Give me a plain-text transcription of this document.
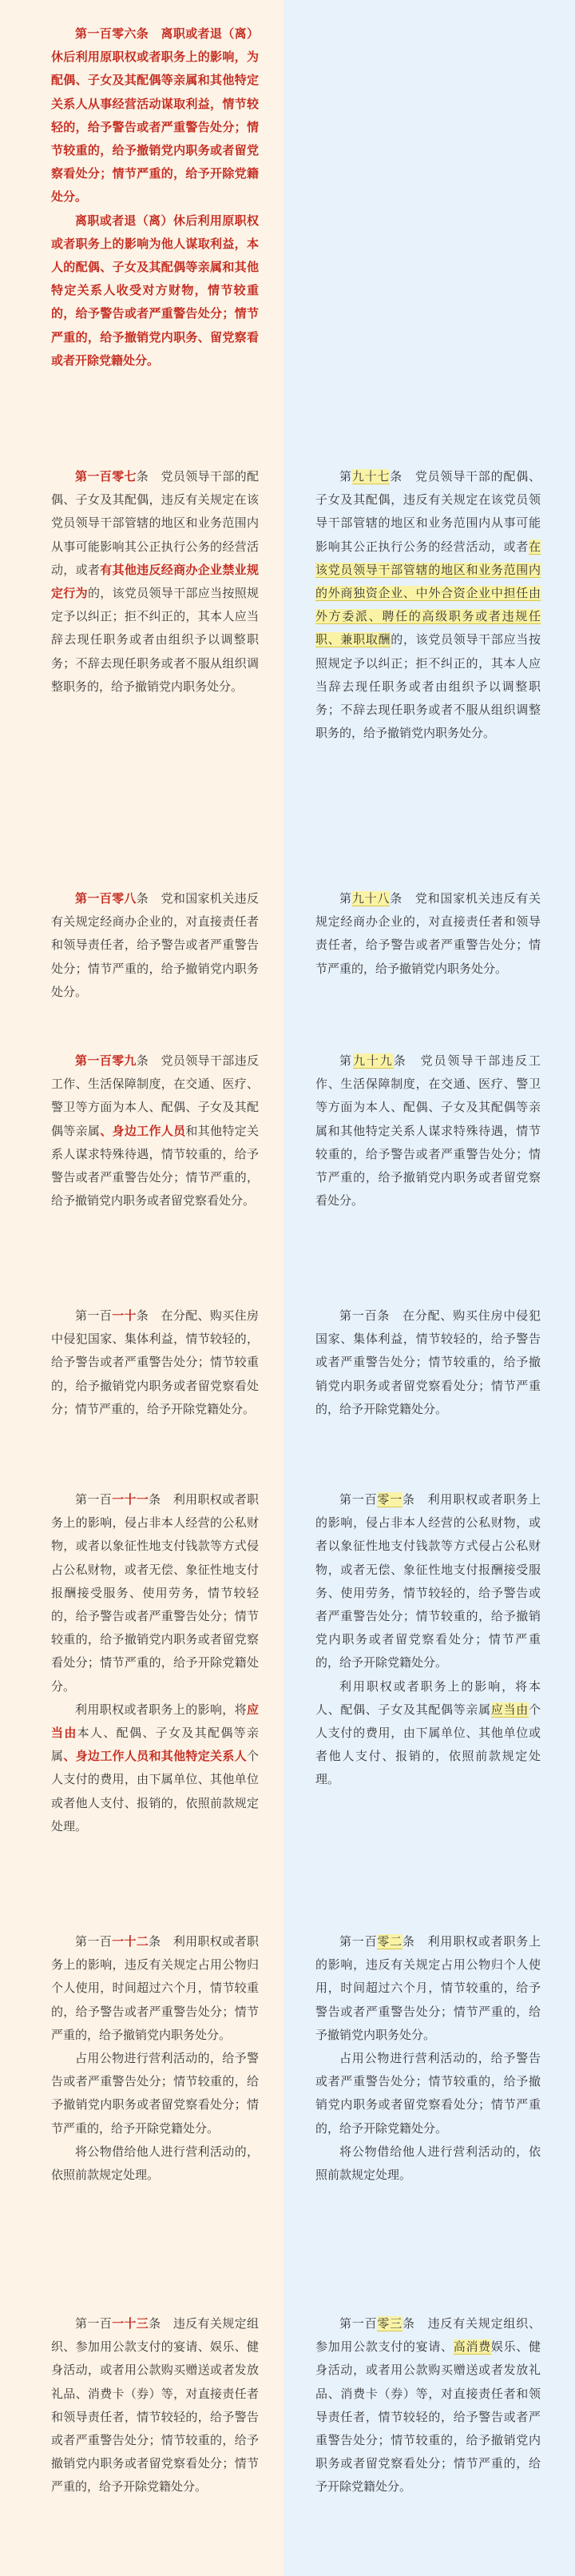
第一百零六条　离职或者退（离）休后利用原职权或者职务上的影响，为配偶、子女及其配偶等亲属和其他特定关系人从事经营活动谋取利益，情节较轻的，给予警告或者严重警告处分；情节较重的，给予撤销党内职务或者留党察看处分；情节严重的，给予开除党籍处分。

离职或者退（离）休后利用原职权或者职务上的影响为他人谋取利益，本人的配偶、子女及其配偶等亲属和其他特定关系人收受对方财物，情节较重的，给予警告或者严重警告处分；情节严重的，给予撤销党内职务、留党察看或者开除党籍处分。

第一百零七条　党员领导干部的配偶、子女及其配偶，违反有关规定在该党员领导干部管辖的地区和业务范围内从事可能影响其公正执行公务的经营活动，或者有其他违反经商办企业禁业规定行为的，该党员领导干部应当按照规定予以纠正；拒不纠正的，其本人应当辞去现任职务或者由组织予以调整职务；不辞去现任职务或者不服从组织调整职务的，给予撤销党内职务处分。

第一百零八条　党和国家机关违反有关规定经商办企业的，对直接责任者和领导责任者，给予警告或者严重警告处分；情节严重的，给予撤销党内职务处分。

第一百零九条　党员领导干部违反工作、生活保障制度，在交通、医疗、警卫等方面为本人、配偶、子女及其配偶等亲属、身边工作人员和其他特定关系人谋求特殊待遇，情节较重的，给予警告或者严重警告处分；情节严重的，给予撤销党内职务或者留党察看处分。

第一百一十条　在分配、购买住房中侵犯国家、集体利益，情节较轻的，给予警告或者严重警告处分；情节较重的，给予撤销党内职务或者留党察看处分；情节严重的，给予开除党籍处分。

第一百一十一条　利用职权或者职务上的影响，侵占非本人经营的公私财物，或者以象征性地支付钱款等方式侵占公私财物，或者无偿、象征性地支付报酬接受服务、使用劳务，情节较轻的，给予警告或者严重警告处分；情节较重的，给予撤销党内职务或者留党察看处分；情节严重的，给予开除党籍处分。

利用职权或者职务上的影响，将应当由本人、配偶、子女及其配偶等亲属、身边工作人员和其他特定关系人个人支付的费用，由下属单位、其他单位或者他人支付、报销的，依照前款规定处理。

第一百一十二条　利用职权或者职务上的影响，违反有关规定占用公物归个人使用，时间超过六个月，情节较重的，给予警告或者严重警告处分；情节严重的，给予撤销党内职务处分。

占用公物进行营利活动的，给予警告或者严重警告处分；情节较重的，给予撤销党内职务或者留党察看处分；情节严重的，给予开除党籍处分。

将公物借给他人进行营利活动的，依照前款规定处理。

第一百一十三条　违反有关规定组织、参加用公款支付的宴请、娱乐、健身活动，或者用公款购买赠送或者发放礼品、消费卡（券）等，对直接责任者和领导责任者，情节较轻的，给予警告或者严重警告处分；情节较重的，给予撤销党内职务或者留党察看处分；情节严重的，给予开除党籍处分。

第九十七条　党员领导干部的配偶、子女及其配偶，违反有关规定在该党员领导干部管辖的地区和业务范围内从事可能影响其公正执行公务的经营活动，或者在该党员领导干部管辖的地区和业务范围内的外商独资企业、中外合资企业中担任由外方委派、聘任的高级职务或者违规任职、兼职取酬的，该党员领导干部应当按照规定予以纠正；拒不纠正的，其本人应当辞去现任职务或者由组织予以调整职务；不辞去现任职务或者不服从组织调整职务的，给予撤销党内职务处分。

第九十八条　党和国家机关违反有关规定经商办企业的，对直接责任者和领导责任者，给予警告或者严重警告处分；情节严重的，给予撤销党内职务处分。

第九十九条　党员领导干部违反工作、生活保障制度，在交通、医疗、警卫等方面为本人、配偶、子女及其配偶等亲属和其他特定关系人谋求特殊待遇，情节较重的，给予警告或者严重警告处分；情节严重的，给予撤销党内职务或者留党察看处分。

第一百条　在分配、购买住房中侵犯国家、集体利益，情节较轻的，给予警告或者严重警告处分；情节较重的，给予撤销党内职务或者留党察看处分；情节严重的，给予开除党籍处分。

第一百零一条　利用职权或者职务上的影响，侵占非本人经营的公私财物，或者以象征性地支付钱款等方式侵占公私财物，或者无偿、象征性地支付报酬接受服务、使用劳务，情节较轻的，给予警告或者严重警告处分；情节较重的，给予撤销党内职务或者留党察看处分；情节严重的，给予开除党籍处分。

利用职权或者职务上的影响，将本人、配偶、子女及其配偶等亲属应当由个人支付的费用，由下属单位、其他单位或者他人支付、报销的，依照前款规定处理。

第一百零二条　利用职权或者职务上的影响，违反有关规定占用公物归个人使用，时间超过六个月，情节较重的，给予警告或者严重警告处分；情节严重的，给予撤销党内职务处分。

占用公物进行营利活动的，给予警告或者严重警告处分；情节较重的，给予撤销党内职务或者留党察看处分；情节严重的，给予开除党籍处分。

将公物借给他人进行营利活动的，依照前款规定处理。

第一百零三条　违反有关规定组织、参加用公款支付的宴请、高消费娱乐、健身活动，或者用公款购买赠送或者发放礼品、消费卡（券）等，对直接责任者和领导责任者，情节较轻的，给予警告或者严重警告处分；情节较重的，给予撤销党内职务或者留党察看处分；情节严重的，给予开除党籍处分。
